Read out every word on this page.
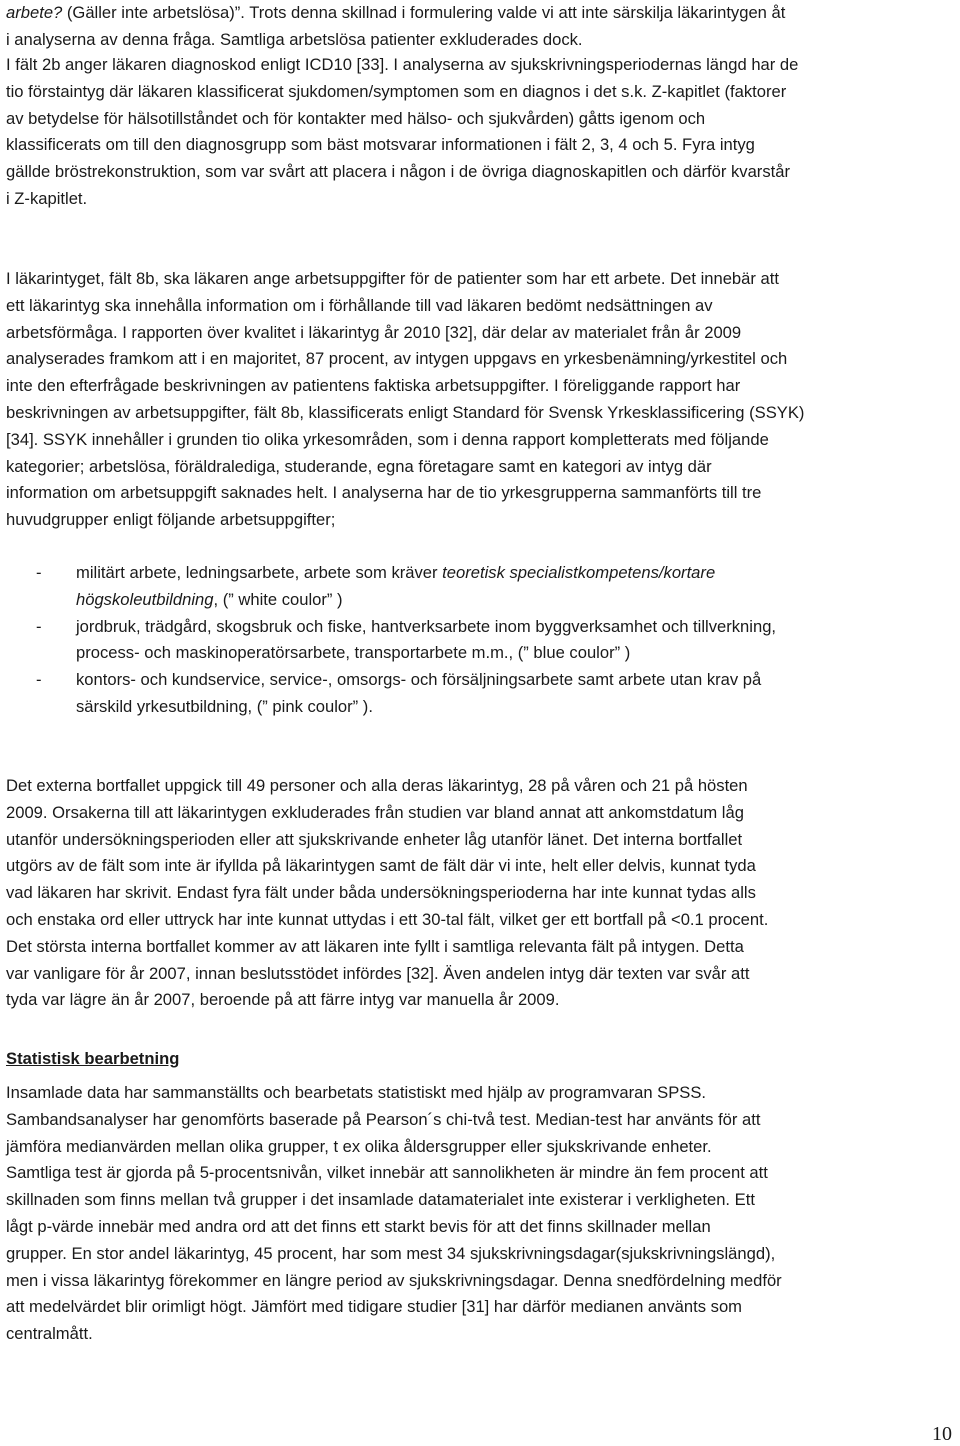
arbete? (Gäller inte arbetslösa)”. Trots denna skillnad i formulering valde vi att inte särskilja läkarintygen åt
i analyserna av denna fråga. Samtliga arbetslösa patienter exkluderades dock.
I fält 2b anger läkaren diagnoskod enligt ICD10 [33]. I analyserna av sjukskrivningsperiodernas längd har de
tio förstaintyg där läkaren klassificerat sjukdomen/symptomen som en diagnos i det s.k. Z-kapitlet (faktorer
av betydelse för hälsotillståndet och för kontakter med hälso- och sjukvården) gåtts igenom och
klassificerats om till den diagnosgrupp som bäst motsvarar informationen i fält 2, 3, 4 och 5. Fyra intyg
gällde bröstrekonstruktion, som var svårt att placera i någon i de övriga diagnoskapitlen och därför kvarstår
i Z-kapitlet.
I läkarintyget, fält 8b, ska läkaren ange arbetsuppgifter för de patienter som har ett arbete. Det innebär att
ett läkarintyg ska innehålla information om i förhållande till vad läkaren bedömt nedsättningen av
arbetsförmåga. I rapporten över kvalitet i läkarintyg år 2010 [32], där delar av materialet från år 2009
analyserades framkom att i en majoritet, 87 procent, av intygen uppgavs en yrkesbenämning/yrkestitel och
inte den efterfrågade beskrivningen av patientens faktiska arbetsuppgifter. I föreliggande rapport har
beskrivningen av arbetsuppgifter, fält 8b, klassificerats enligt Standard för Svensk Yrkesklassificering (SSYK)
[34]. SSYK innehåller i grunden tio olika yrkesområden, som i denna rapport kompletterats med följande
kategorier; arbetslösa, föräldralediga, studerande, egna företagare samt en kategori av intyg där
information om arbetsuppgift saknades helt. I analyserna har de tio yrkesgrupperna sammanförts till tre
huvudgrupper enligt följande arbetsuppgifter;
- militärt arbete, ledningsarbete, arbete som kräver teoretisk specialistkompetens/kortare
högskoleutbildning, (” white coulor” )
- jordbruk, trädgård, skogsbruk och fiske, hantverksarbete inom byggverksamhet och tillverkning,
process- och maskinoperatörsarbete, transportarbete m.m., (” blue coulor” )
- kontors- och kundservice, service-, omsorgs- och försäljningsarbete samt arbete utan krav på
särskild yrkesutbildning, (” pink coulor” ).
Det externa bortfallet uppgick till 49 personer och alla deras läkarintyg, 28 på våren och 21 på hösten
2009. Orsakerna till att läkarintygen exkluderades från studien var bland annat att ankomstdatum låg
utanför undersökningsperioden eller att sjukskrivande enheter låg utanför länet. Det interna bortfallet
utgörs av de fält som inte är ifyllda på läkarintygen samt de fält där vi inte, helt eller delvis, kunnat tyda
vad läkaren har skrivit. Endast fyra fält under båda undersökningsperioderna har inte kunnat tydas alls
och enstaka ord eller uttryck har inte kunnat uttydas i ett 30-tal fält, vilket ger ett bortfall på <0.1 procent.
Det största interna bortfallet kommer av att läkaren inte fyllt i samtliga relevanta fält på intygen. Detta
var vanligare för år 2007, innan beslutsstödet infördes [32]. Även andelen intyg där texten var svår att
tyda var lägre än år 2007, beroende på att färre intyg var manuella år 2009.
Statistisk bearbetning
Insamlade data har sammanställts och bearbetats statistiskt med hjälp av programvaran SPSS.
Sambandsanalyser har genomförts baserade på Pearson´s chi-två test. Median-test har använts för att
jämföra medianvärden mellan olika grupper, t ex olika åldersgrupper eller sjukskrivande enheter.
Samtliga test är gjorda på 5-procentsnivån, vilket innebär att sannolikheten är mindre än fem procent att
skillnaden som finns mellan två grupper i det insamlade datamaterialet inte existerar i verkligheten. Ett
lågt p-värde innebär med andra ord att det finns ett starkt bevis för att det finns skillnader mellan
grupper. En stor andel läkarintyg, 45 procent, har som mest 34 sjukskrivningsdagar(sjukskrivningslängd),
men i vissa läkarintyg förekommer en längre period av sjukskrivningsdagar. Denna snedfördelning medför
att medelvärdet blir orimligt högt. Jämfört med tidigare studier [31] har därför medianen använts som
centralmått.
10
